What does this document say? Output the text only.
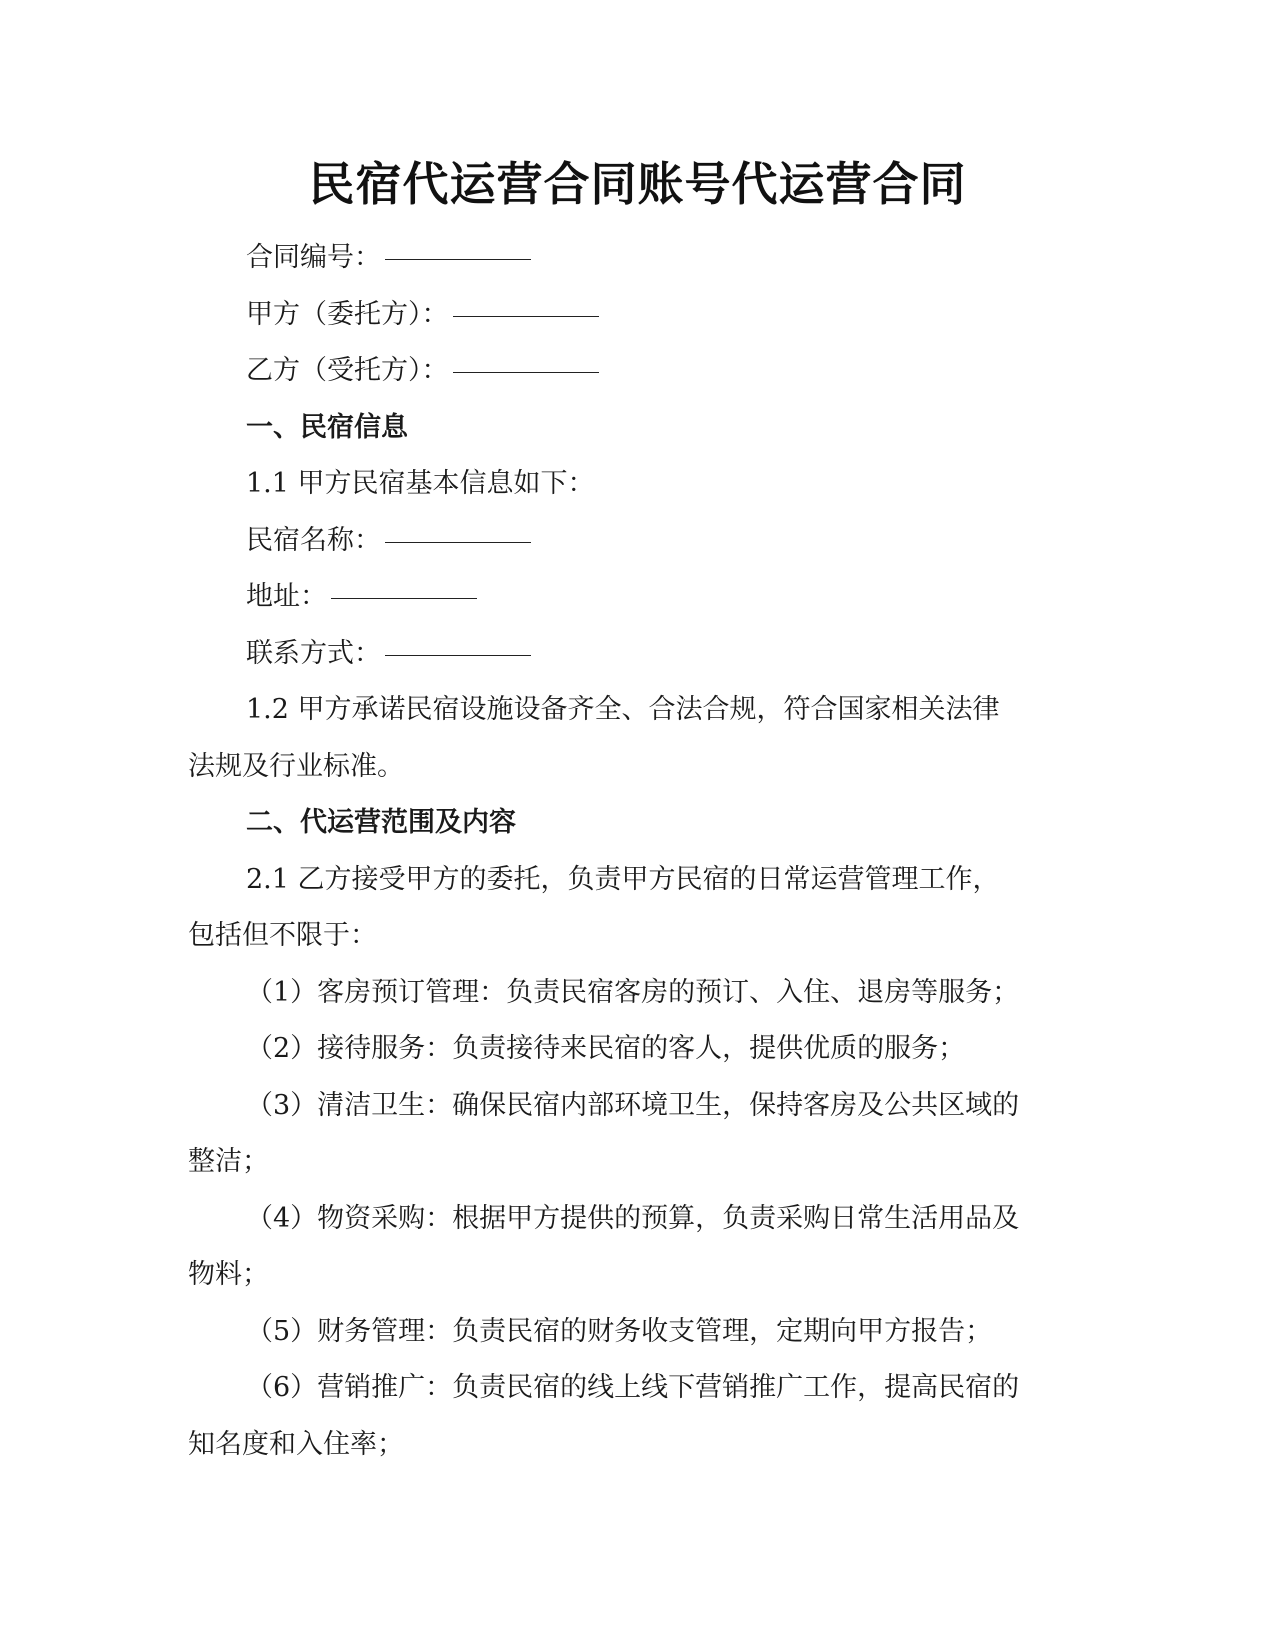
民宿代运营合同账号代运营合同

合同编号：

甲方（委托方）：

乙方（受托方）：

一、民宿信息

1.1 甲方民宿基本信息如下：

民宿名称：

地址：

联系方式：

1.2 甲方承诺民宿设施设备齐全、合法合规，符合国家相关法律

法规及行业标准。

二、代运营范围及内容

2.1 乙方接受甲方的委托，负责甲方民宿的日常运营管理工作，

包括但不限于：

（1）客房预订管理：负责民宿客房的预订、入住、退房等服务；

（2）接待服务：负责接待来民宿的客人，提供优质的服务；

（3）清洁卫生：确保民宿内部环境卫生，保持客房及公共区域的

整洁；

（4）物资采购：根据甲方提供的预算，负责采购日常生活用品及

物料；

（5）财务管理：负责民宿的财务收支管理，定期向甲方报告；

（6）营销推广：负责民宿的线上线下营销推广工作，提高民宿的

知名度和入住率；
